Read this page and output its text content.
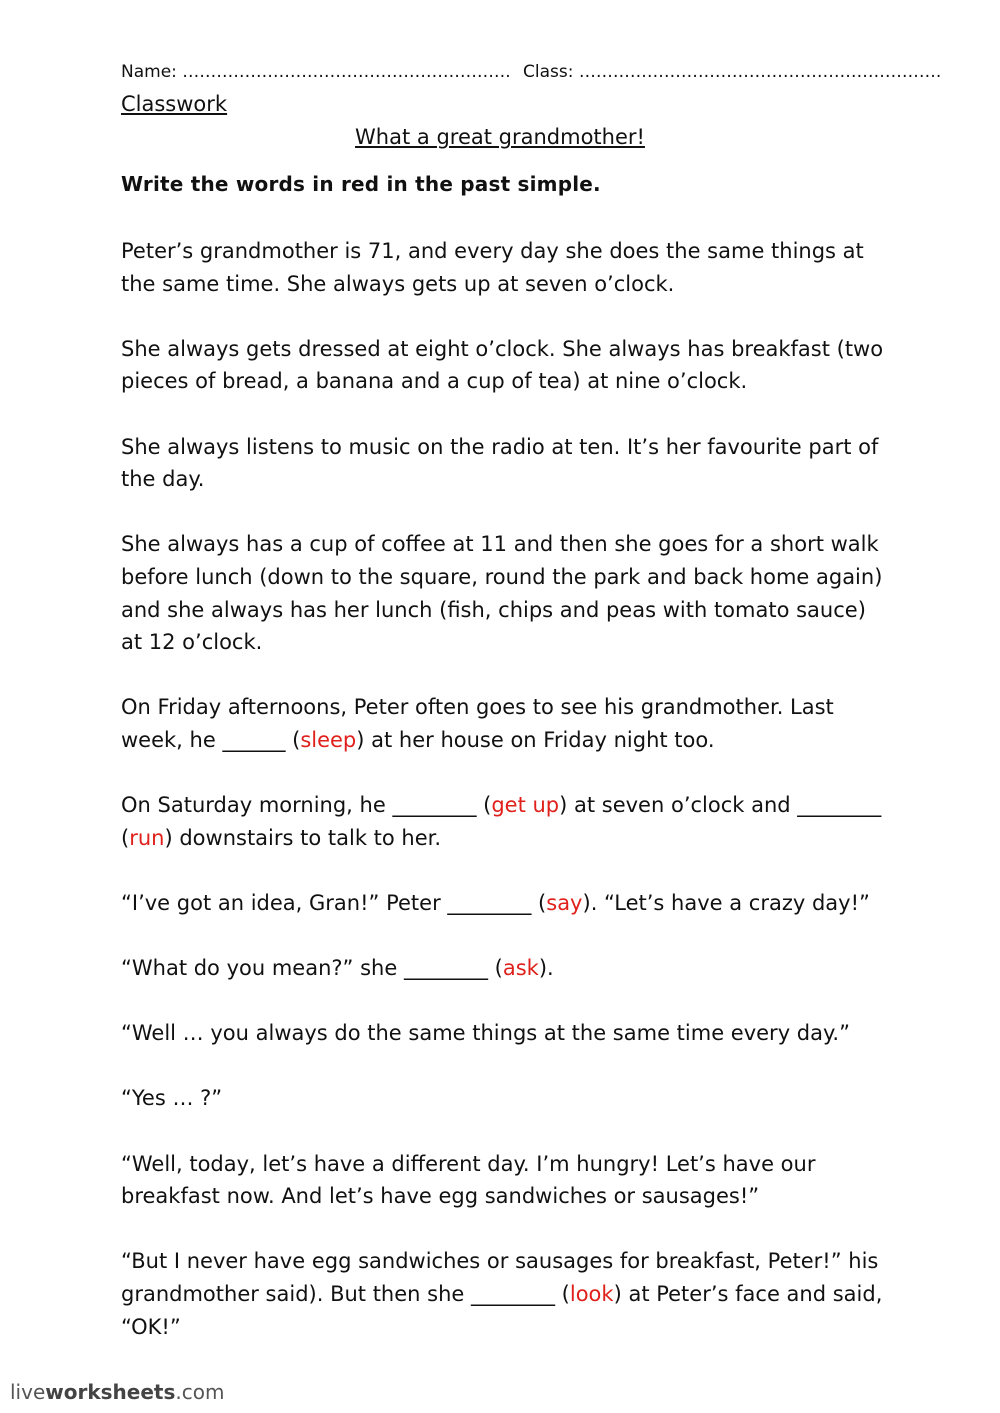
Name: …………………………………………………. Class: ……………………………………………………….
Classwork
What a great grandmother!
Write the words in red in the past simple.

Peter’s grandmother is 71, and every day she does the same things at the same time. She always gets up at seven o’clock.

She always gets dressed at eight o’clock. She always has breakfast (two pieces of bread, a banana and a cup of tea) at nine o’clock.

She always listens to music on the radio at ten. It’s her favourite part of the day.

She always has a cup of coffee at 11 and then she goes for a short walk before lunch (down to the square, round the park and back home again) and she always has her lunch (fish, chips and peas with tomato sauce) at 12 o’clock.

On Friday afternoons, Peter often goes to see his grandmother. Last week, he ______ (sleep) at her house on Friday night too.

On Saturday morning, he ________ (get up) at seven o’clock and ________ (run) downstairs to talk to her.

“I’ve got an idea, Gran!” Peter ________ (say). “Let’s have a crazy day!”

“What do you mean?” she ________ (ask).

“Well … you always do the same things at the same time every day.”

“Yes … ?”

“Well, today, let’s have a different day. I’m hungry! Let’s have our breakfast now. And let’s have egg sandwiches or sausages!”

“But I never have egg sandwiches or sausages for breakfast, Peter!” his grandmother said). But then she ________ (look) at Peter’s face and said, “OK!”

liveworksheets.com
